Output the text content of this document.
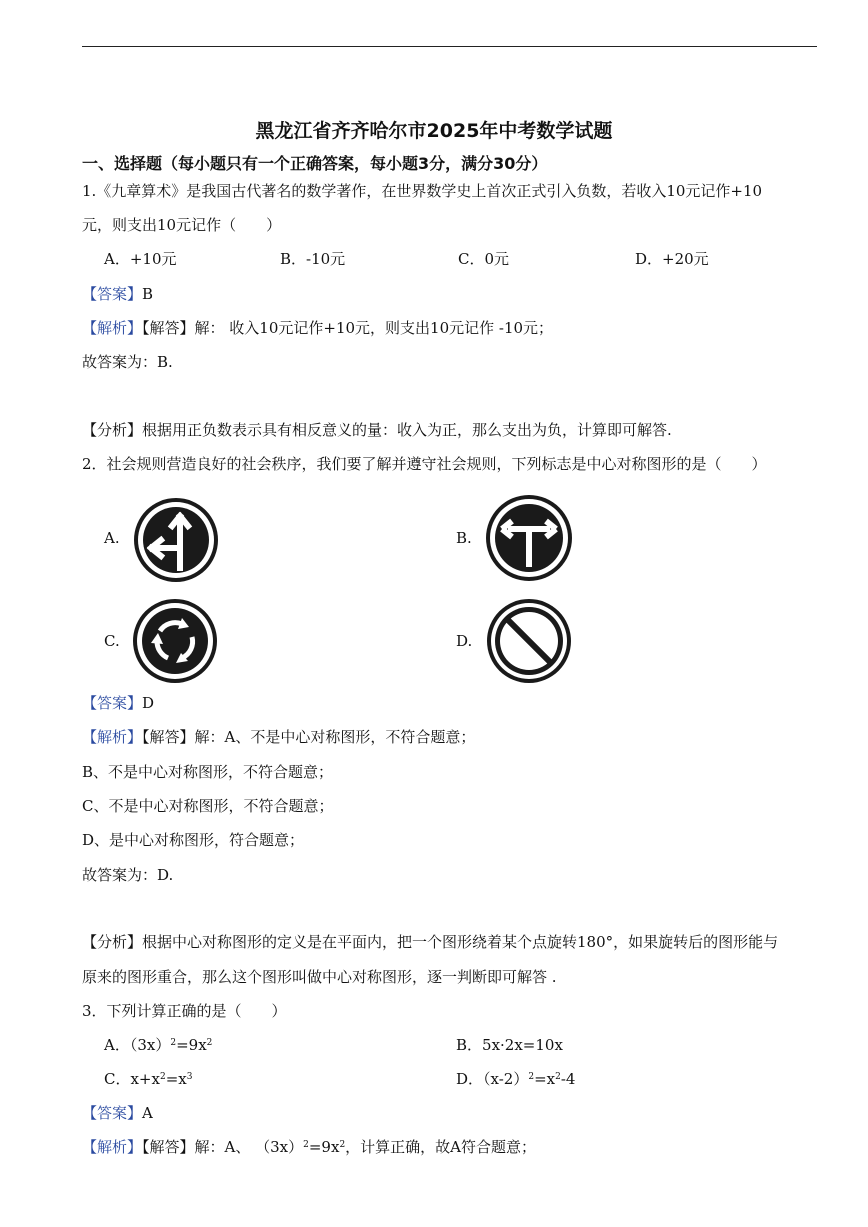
黑龙江省齐齐哈尔市2025年中考数学试题
一、选择题（每小题只有一个正确答案，每小题3分，满分30分）
1.《九章算术》是我国古代著名的数学著作，在世界数学史上首次正式引入负数，若收入10元记作+10
元，则支出10元记作（　　）
A．+10元	B．-10元	C．0元	D．+20元
【答案】B
【解析】【解答】解： 收入10元记作+10元，则支出10元记作 -10元；
故答案为：B.
【分析】根据用正负数表示具有相反意义的量：收入为正，那么支出为负，计算即可解答.
2．社会规则营造良好的社会秩序，我们要了解并遵守社会规则，下列标志是中心对称图形的是（　　）
A.	B.
C.	D.
【答案】D
【解析】【解答】解：A、不是中心对称图形，不符合题意；
B、不是中心对称图形，不符合题意；
C、不是中心对称图形，不符合题意；
D、是中心对称图形，符合题意；
故答案为：D.
【分析】根据中心对称图形的定义是在平面内，把一个图形绕着某个点旋转180°，如果旋转后的图形能与
原来的图形重合，那么这个图形叫做中心对称图形，逐一判断即可解答 .
3．下列计算正确的是（　　）
A．$(3x)^2=9x^2$	B．5x·2x=10x
C．$x+x^2=x^3$	D．$(x-2)^2=x^2-4$
【答案】A
【解析】【解答】解：A、 $(3x)^2=9x^2$，计算正确，故A符合题意；
